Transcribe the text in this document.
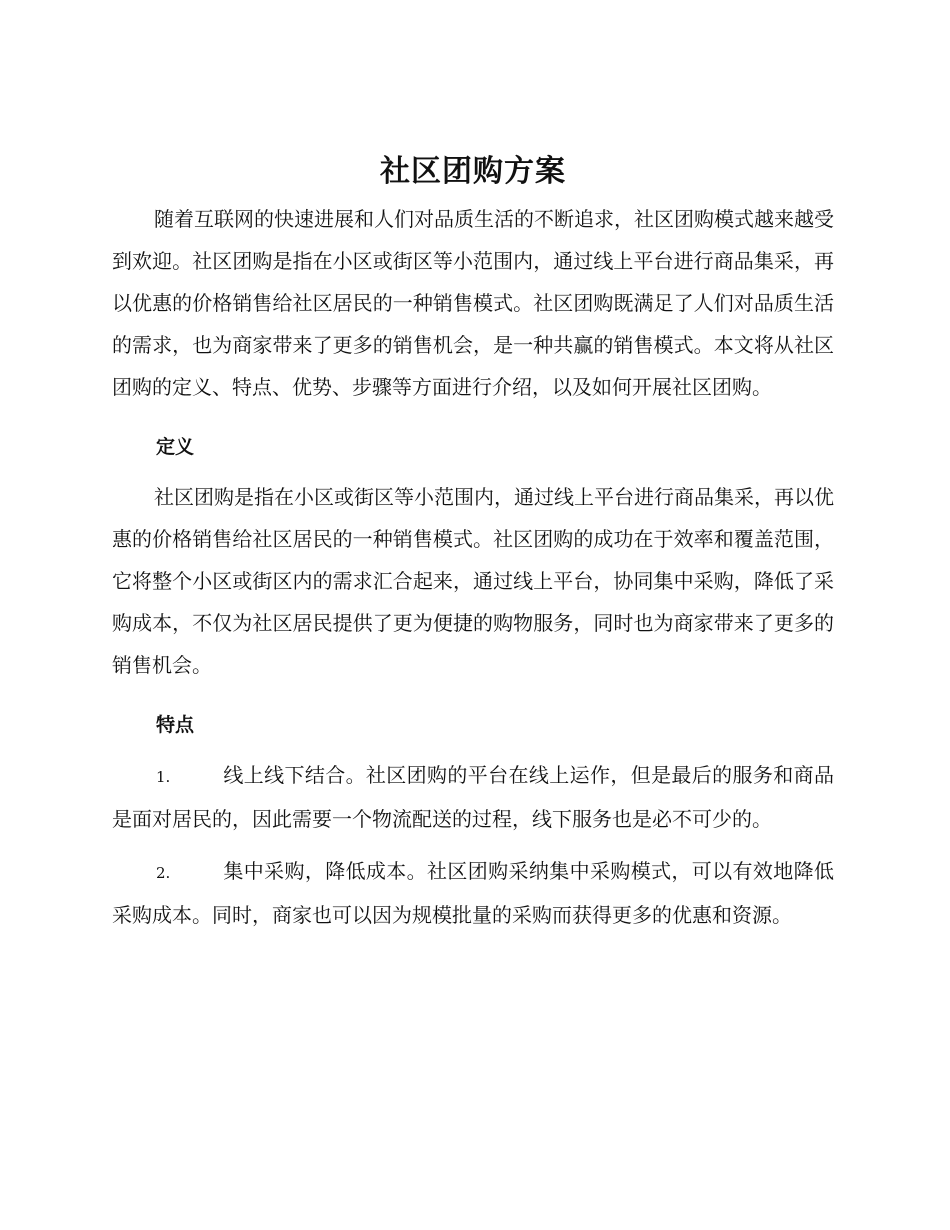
社区团购方案

随着互联网的快速进展和人们对品质生活的不断追求，社区团购模式越来越受到欢迎。社区团购是指在小区或街区等小范围内，通过线上平台进行商品集采，再以优惠的价格销售给社区居民的一种销售模式。社区团购既满足了人们对品质生活的需求，也为商家带来了更多的销售机会，是一种共赢的销售模式。本文将从社区团购的定义、特点、优势、步骤等方面进行介绍，以及如何开展社区团购。

定义

社区团购是指在小区或街区等小范围内，通过线上平台进行商品集采，再以优惠的价格销售给社区居民的一种销售模式。社区团购的成功在于效率和覆盖范围，它将整个小区或街区内的需求汇合起来，通过线上平台，协同集中采购，降低了采购成本，不仅为社区居民提供了更为便捷的购物服务，同时也为商家带来了更多的销售机会。

特点

1.	线上线下结合。社区团购的平台在线上运作，但是最后的服务和商品是面对居民的，因此需要一个物流配送的过程，线下服务也是必不可少的。

2.	集中采购，降低成本。社区团购采纳集中采购模式，可以有效地降低采购成本。同时，商家也可以因为规模批量的采购而获得更多的优惠和资源。
